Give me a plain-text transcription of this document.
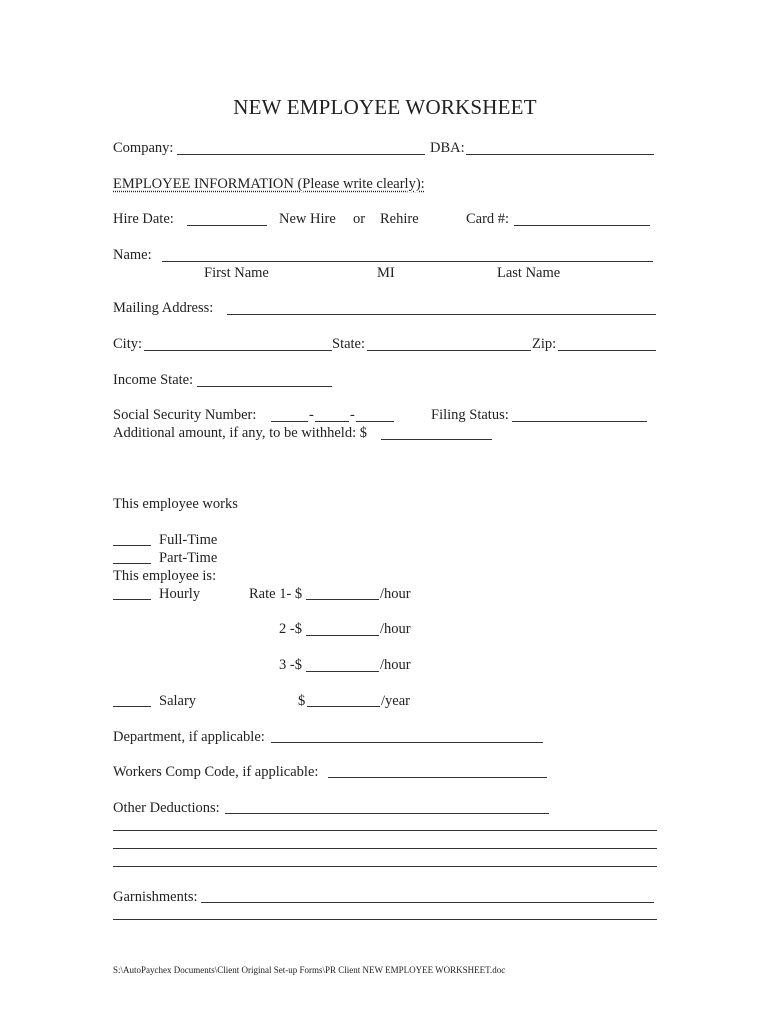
NEW EMPLOYEE WORKSHEET
Company:	DBA:
EMPLOYEE INFORMATION (Please write clearly):
Hire Date:	New Hire or Rehire	Card #:
Name:
First Name	MI	Last Name
Mailing Address:
City:	State:	Zip:
Income State:
Social Security Number:	- -	Filing Status:
Additional amount, if any, to be withheld: $
This employee works
Full-Time
Part-Time
This employee is:
Hourly	Rate 1- $	/hour
2 -$	/hour
3 -$	/hour
Salary	$	/year
Department, if applicable:
Workers Comp Code, if applicable:
Other Deductions:
Garnishments:
S:\AutoPaychex Documents\Client Original Set-up Forms\PR Client NEW EMPLOYEE WORKSHEET.doc
